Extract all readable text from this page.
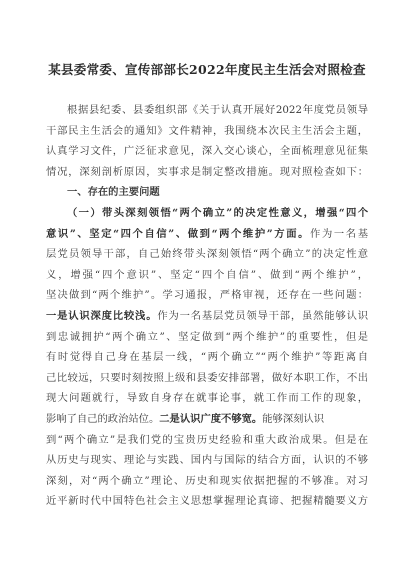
某县委常委、宣传部部长2022年度民主生活会对照检查
根据县纪委、县委组织部《关于认真开展好2022年度党员领导
干部民主生活会的通知》文件精神，我围绕本次民主生活会主题，
认真学习文件，广泛征求意见，深入交心谈心，全面梳理意见征集
情况，深刻剖析原因，实事求是制定整改措施。现对照检查如下：
一、存在的主要问题
（一）带头深刻领悟“两个确立”的决定性意义，增强“四个
意识”、坚定“四个自信”、做到“两个维护”方面。作为一名基
层党员领导干部，自己始终带头深刻领悟“两个确立”的决定性意
义，增强“四个意识”、坚定“四个自信”、做到“两个维护”，
坚决做到“两个维护”。学习通报，严格审视，还存在一些问题：
一是认识深度比较浅。作为一名基层党员领导干部，虽然能够认识
到忠诚拥护“两个确立”、坚定做到“两个维护”的重要性，但是
有时觉得自己身在基层一线，“两个确立”“两个维护”等距离自
己比较远，只要时刻按照上级和县委安排部署，做好本职工作，不出
现大问题就行，导致自身存在就事论事，就工作而工作的现象，
影响了自己的政治站位。二是认识广度不够宽。能够深刻认识
到“两个确立”是我们党的宝贵历史经验和重大政治成果。但是在
从历史与现实、理论与实践、国内与国际的结合方面，认识的不够
深刻，对“两个确立”理论、历史和现实依据把握的不够准。对习
近平新时代中国特色社会主义思想掌握理论真谛、把握精髓要义方
